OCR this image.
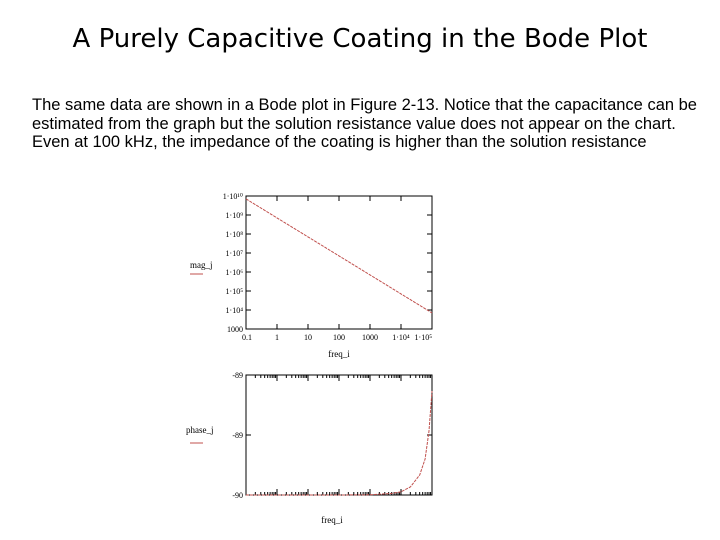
A Purely Capacitive Coating in the Bode Plot
The same data are shown in a Bode plot in Figure 2-13. Notice that the capacitance can be estimated from the graph but the solution resistance value does not appear on the chart. Even at 100 kHz, the impedance of the coating is higher than the solution resistance
1·10¹⁰
1·10⁹
1·10⁸
1·10⁷
1·10⁶
1·10⁵
1·10⁴
1000
0.1	1	10	100 1000 1·10⁴ 1·10⁵
mag_j
freq_i
-89
-89
-90
phase_j
freq_i
